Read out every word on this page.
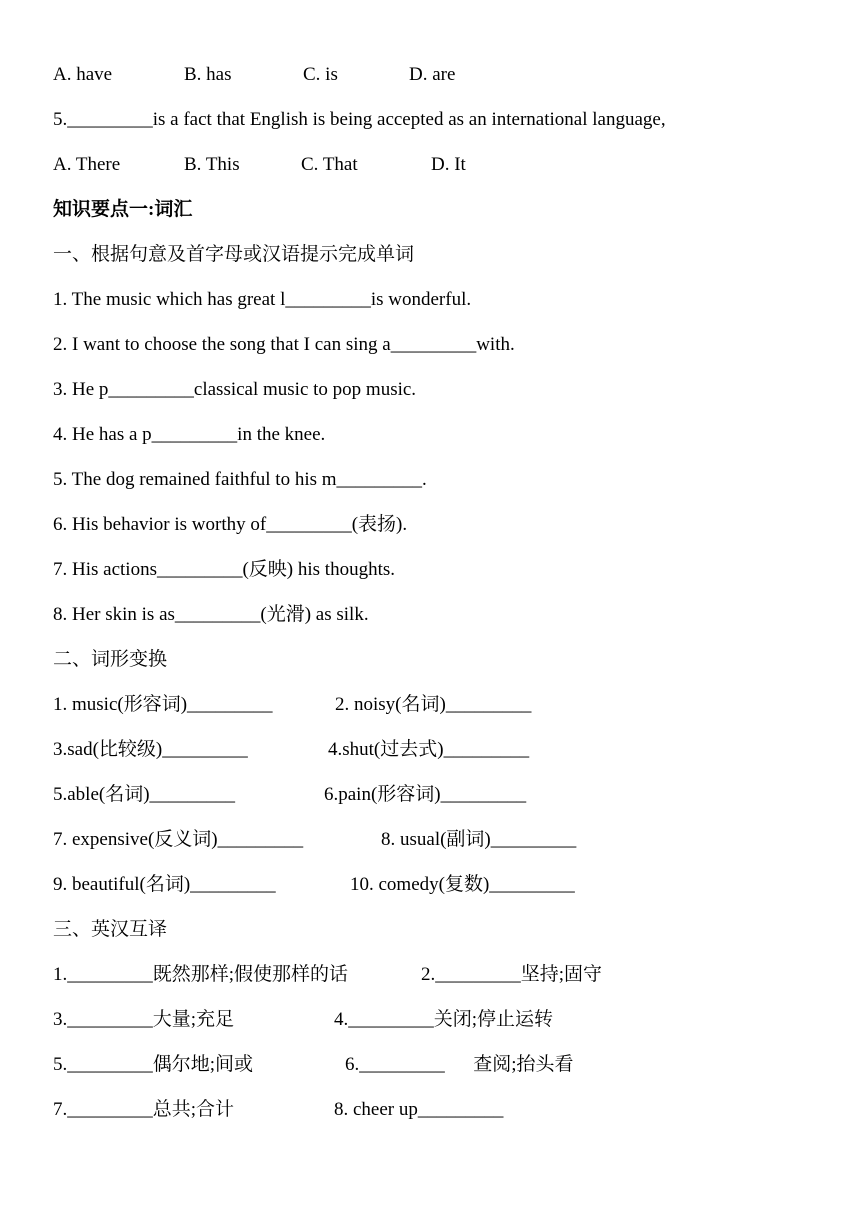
A. have	B. has	C. is	D. are
5._________is a fact that English is being accepted as an international language,
A. There	B. This	C. That	D. It
知识要点一:词汇
一、根据句意及首字母或汉语提示完成单词
1. The music which has great l_________is wonderful.
2. I want to choose the song that I can sing a_________with.
3. He p_________classical music to pop music.
4. He has a p_________in the knee.
5. The dog remained faithful to his m_________.
6. His behavior is worthy of_________(表扬).
7. His actions_________(反映) his thoughts.
8. Her skin is as_________(光滑) as silk.
二、词形变换
1. music(形容词)_________	2. noisy(名词)_________
3.sad(比较级)_________	4.shut(过去式)_________
5.able(名词)_________	6.pain(形容词)_________
7. expensive(反义词)_________	8. usual(副词)_________
9. beautiful(名词)_________	10. comedy(复数)_________
三、英汉互译
1._________既然那样;假使那样的话	2._________坚持;固守
3._________大量;充足	4._________关闭;停止运转
5._________偶尔地;间或	6._________      查阅;抬头看
7._________总共;合计	8. cheer up_________
